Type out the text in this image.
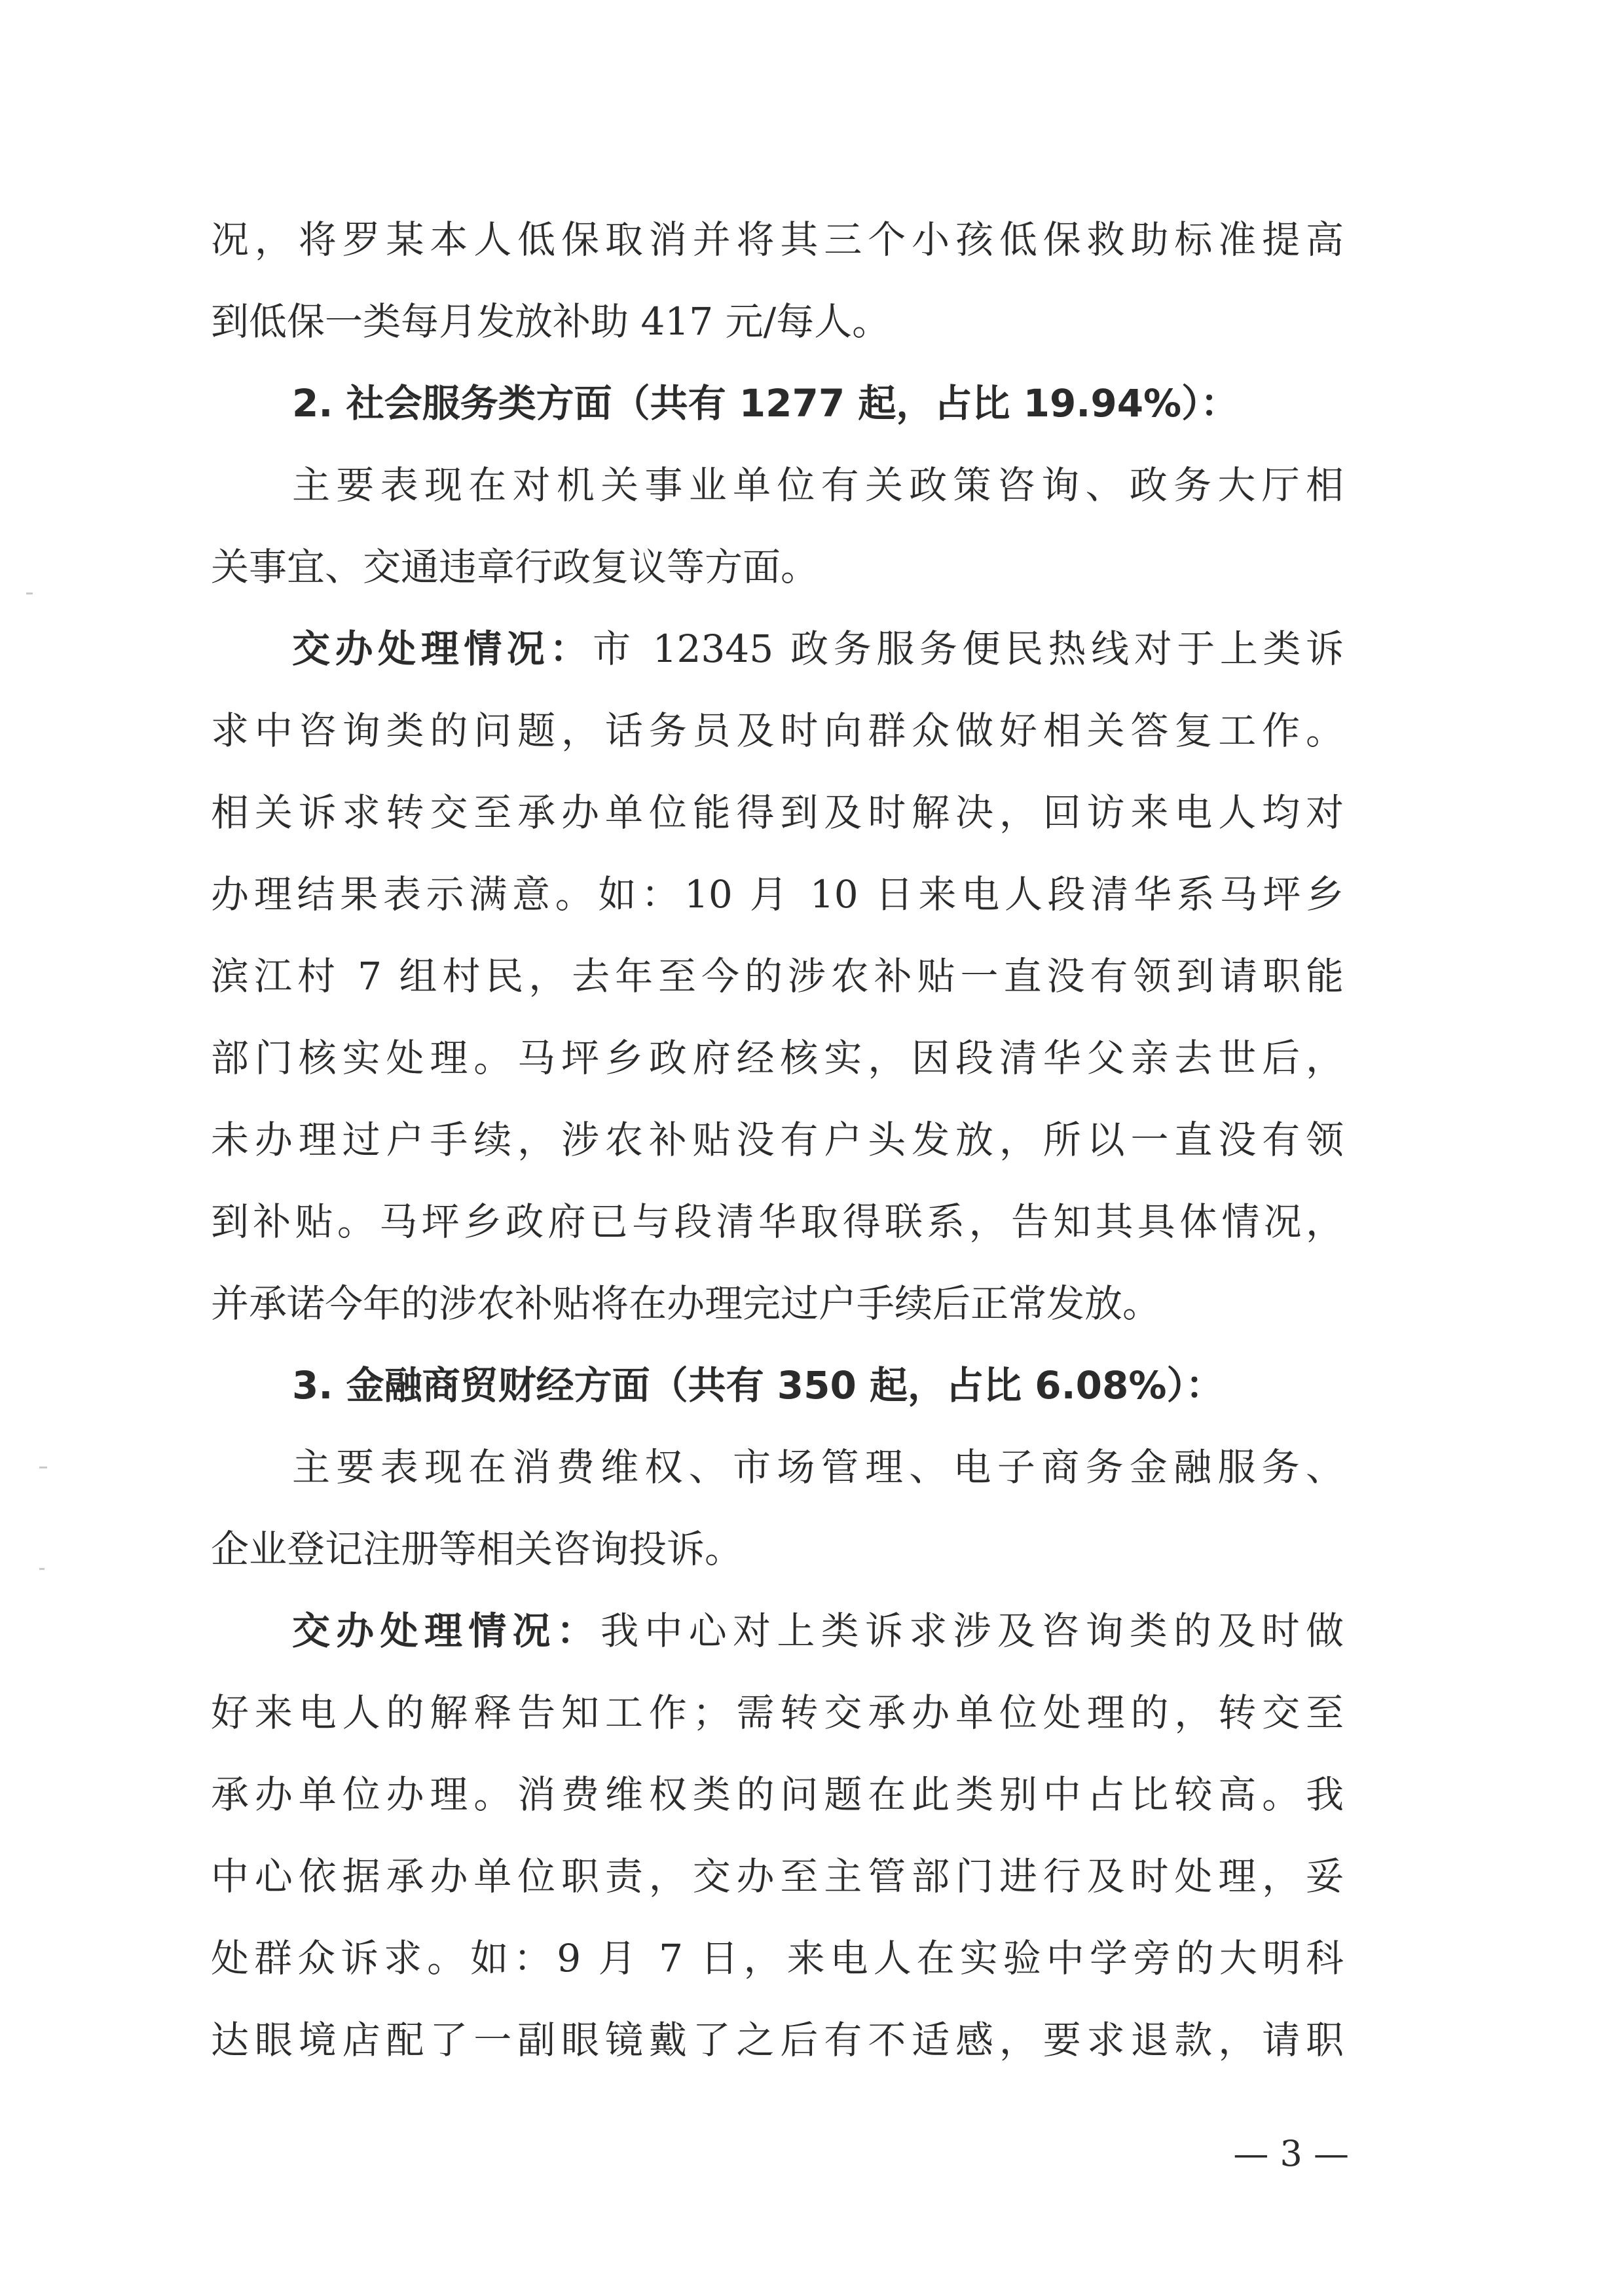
况，将罗某本人低保取消并将其三个小孩低保救助标准提高
到低保一类每月发放补助 417 元/每人。
2. 社会服务类方面（共有 1277 起，占比 19.94%）：
主要表现在对机关事业单位有关政策咨询、政务大厅相
关事宜、交通违章行政复议等方面。
交办处理情况：市 12345 政务服务便民热线对于上类诉
求中咨询类的问题，话务员及时向群众做好相关答复工作。
相关诉求转交至承办单位能得到及时解决，回访来电人均对
办理结果表示满意。如：10 月 10 日来电人段清华系马坪乡
滨江村 7 组村民，去年至今的涉农补贴一直没有领到请职能
部门核实处理。马坪乡政府经核实，因段清华父亲去世后，
未办理过户手续，涉农补贴没有户头发放，所以一直没有领
到补贴。马坪乡政府已与段清华取得联系，告知其具体情况，
并承诺今年的涉农补贴将在办理完过户手续后正常发放。
3. 金融商贸财经方面（共有 350 起，占比 6.08%）：
主要表现在消费维权、市场管理、电子商务金融服务、
企业登记注册等相关咨询投诉。
交办处理情况：我中心对上类诉求涉及咨询类的及时做
好来电人的解释告知工作；需转交承办单位处理的，转交至
承办单位办理。消费维权类的问题在此类别中占比较高。我
中心依据承办单位职责，交办至主管部门进行及时处理，妥
处群众诉求。如：9 月 7 日，来电人在实验中学旁的大明科
达眼境店配了一副眼镜戴了之后有不适感，要求退款，请职
— 3 —
